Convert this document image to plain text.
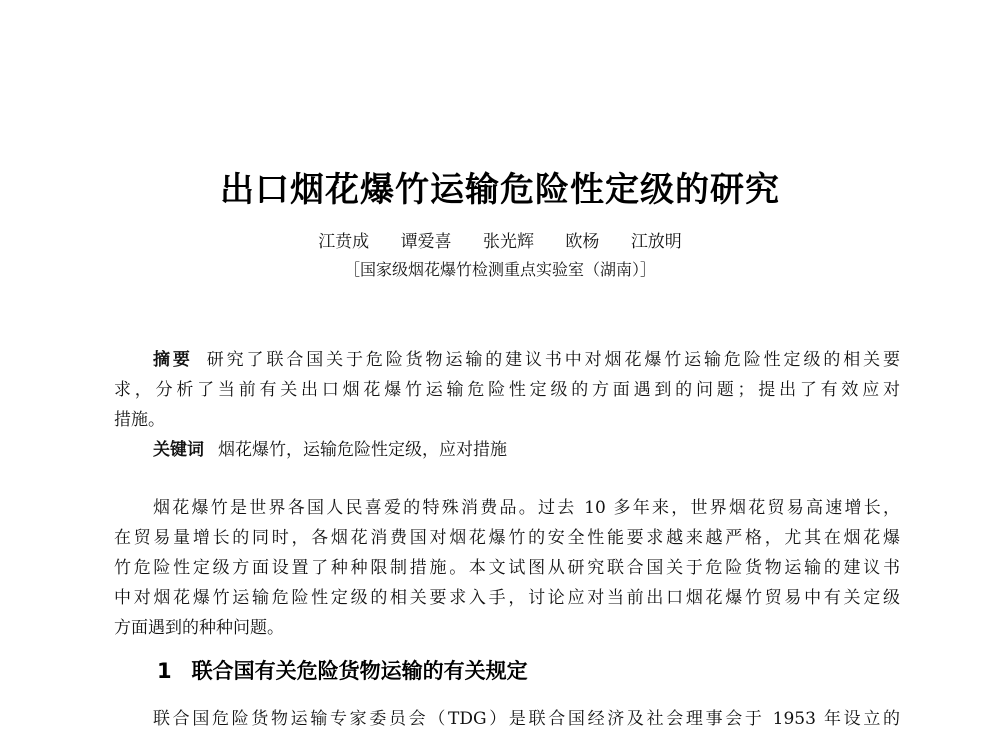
出口烟花爆竹运输危险性定级的研究
江贲成 谭爱喜 张光辉 欧杨 江放明
［国家级烟花爆竹检测重点实验室（湖南）］
摘要 研究了联合国关于危险货物运输的建议书中对烟花爆竹运输危险性定级的相关要
求，分析了当前有关出口烟花爆竹运输危险性定级的方面遇到的问题；提出了有效应对
措施。
关键词 烟花爆竹，运输危险性定级，应对措施
烟花爆竹是世界各国人民喜爱的特殊消费品。过去 10 多年来，世界烟花贸易高速增长，
在贸易量增长的同时，各烟花消费国对烟花爆竹的安全性能要求越来越严格，尤其在烟花爆
竹危险性定级方面设置了种种限制措施。本文试图从研究联合国关于危险货物运输的建议书
中对烟花爆竹运输危险性定级的相关要求入手，讨论应对当前出口烟花爆竹贸易中有关定级
方面遇到的种种问题。
1 联合国有关危险货物运输的有关规定
联合国危险货物运输专家委员会（TDG）是联合国经济及社会理事会于 1953 年设立的
